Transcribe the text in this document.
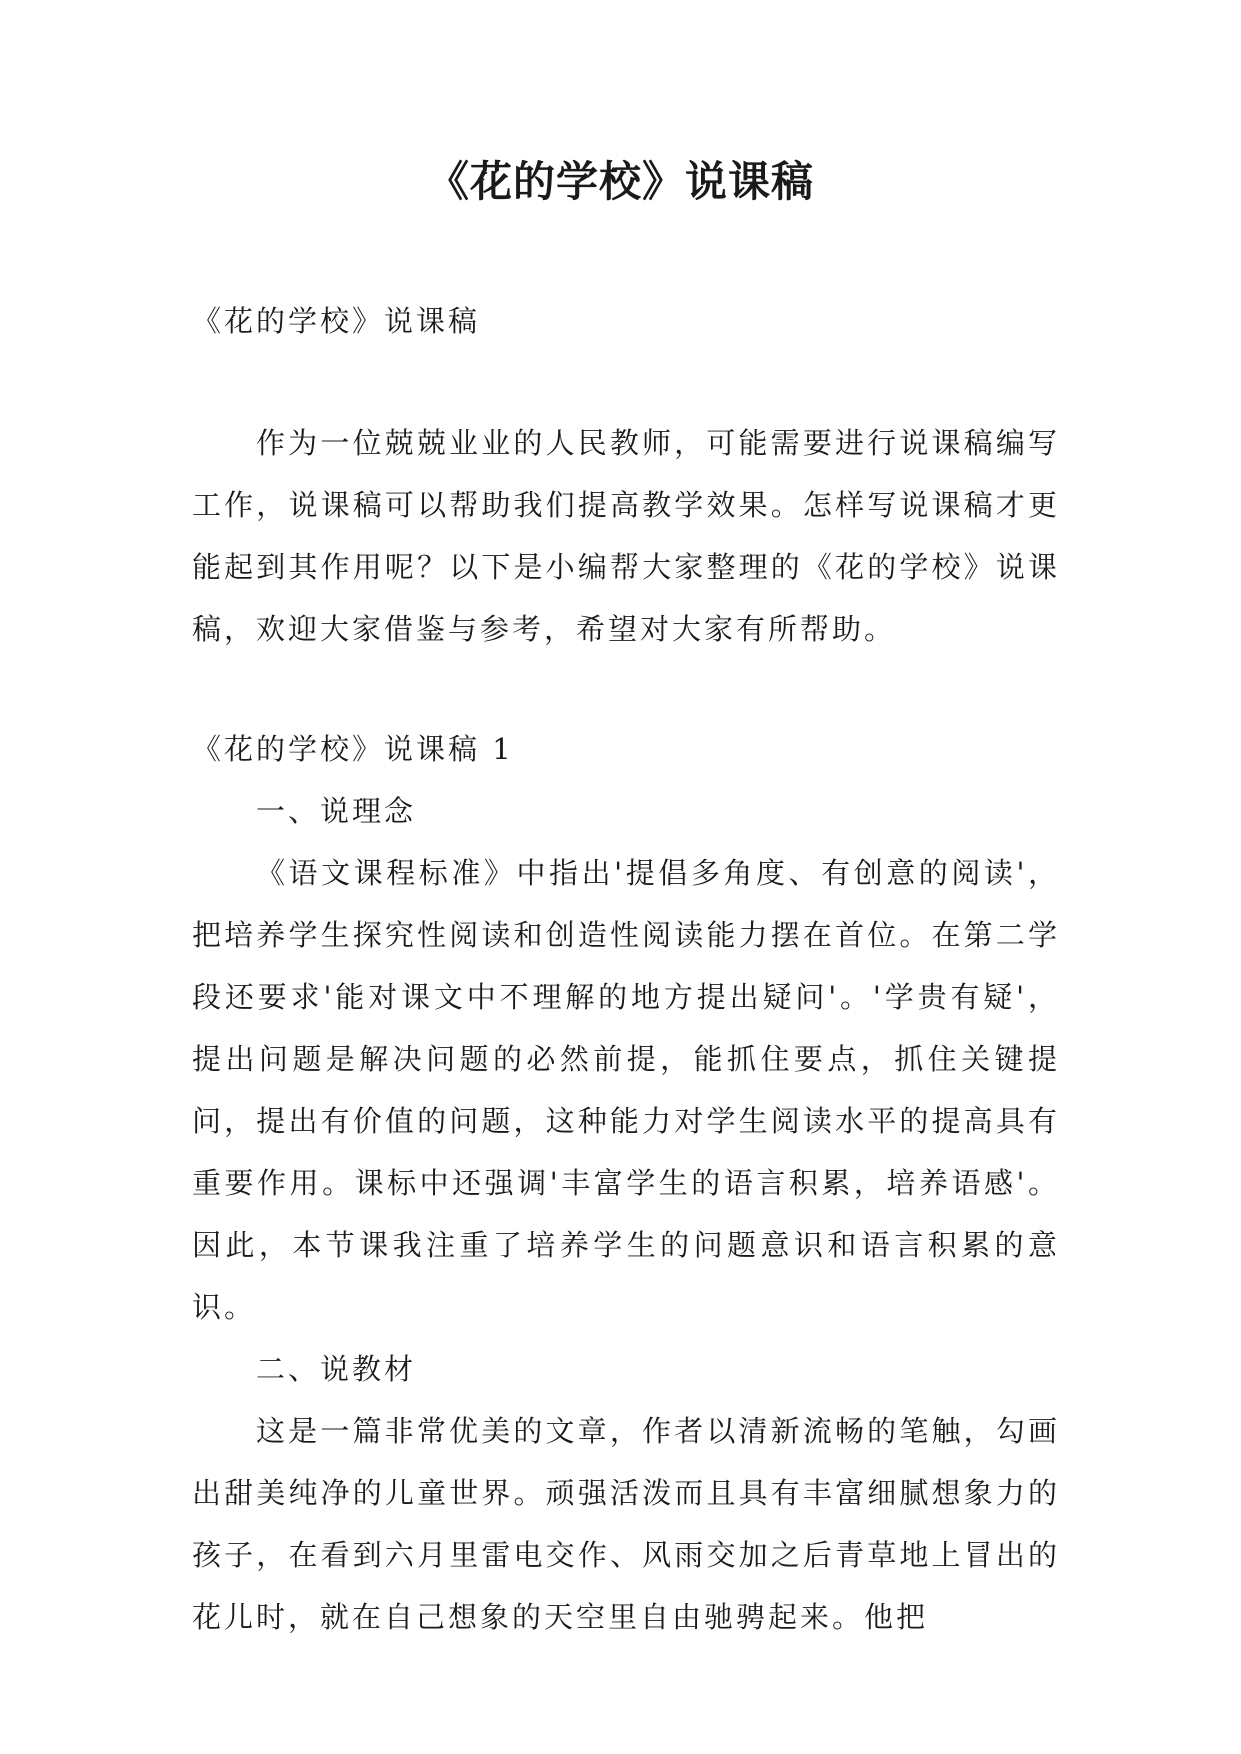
《花的学校》说课稿

《花的学校》说课稿

作为一位兢兢业业的人民教师，可能需要进行说课稿编写工作，说课稿可以帮助我们提高教学效果。怎样写说课稿才更能起到其作用呢？以下是小编帮大家整理的《花的学校》说课稿，欢迎大家借鉴与参考，希望对大家有所帮助。

《花的学校》说课稿 1

一、说理念

《语文课程标准》中指出'提倡多角度、有创意的阅读'，把培养学生探究性阅读和创造性阅读能力摆在首位。在第二学段还要求'能对课文中不理解的地方提出疑问'。'学贵有疑'，提出问题是解决问题的必然前提，能抓住要点，抓住关键提问，提出有价值的问题，这种能力对学生阅读水平的提高具有重要作用。课标中还强调'丰富学生的语言积累，培养语感'。因此，本节课我注重了培养学生的问题意识和语言积累的意识。

二、说教材

这是一篇非常优美的文章，作者以清新流畅的笔触，勾画出甜美纯净的儿童世界。顽强活泼而且具有丰富细腻想象力的孩子，在看到六月里雷电交作、风雨交加之后青草地上冒出的花儿时，就在自己想象的天空里自由驰骋起来。他把
